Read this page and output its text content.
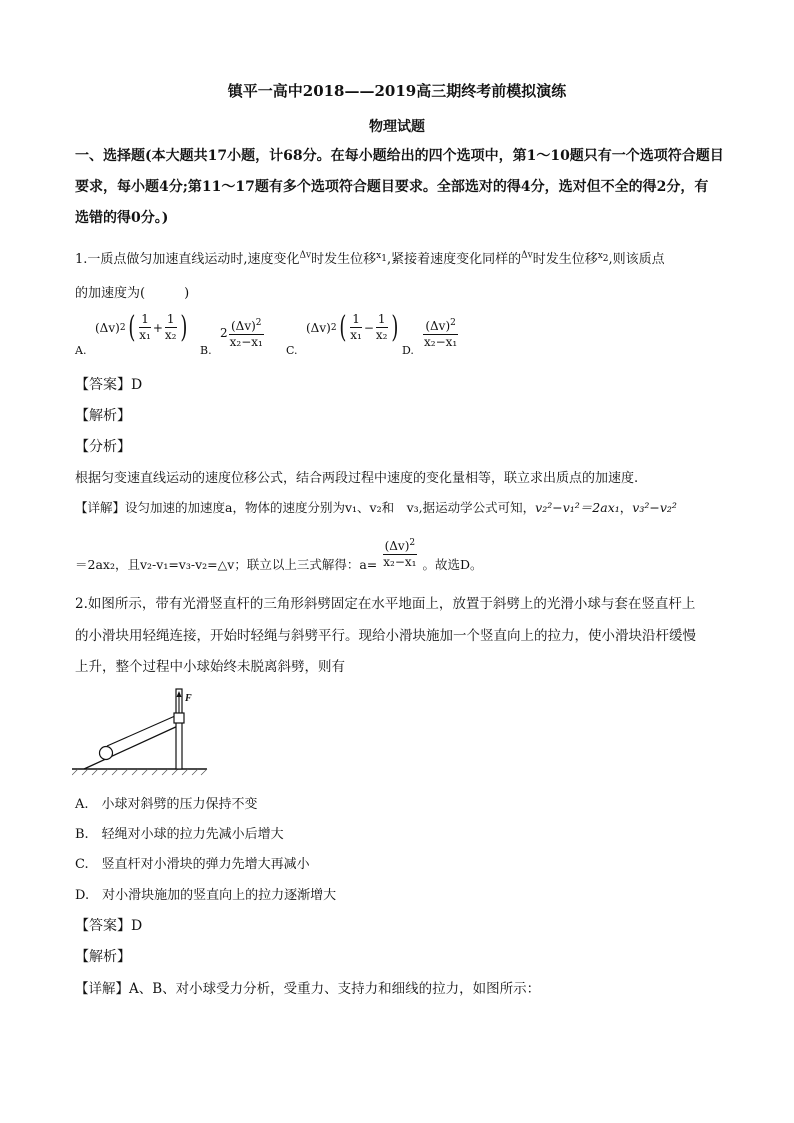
镇平一高中2018——2019高三期终考前模拟演练
物理试题
一、选择题(本大题共17小题，计68分。在每小题给出的四个选项中，第1～10题只有一个选项符合题目
要求，每小题4分;第11～17题有多个选项符合题目要求。全部选对的得4分，选对但不全的得2分，有
选错的得0分。)
1.一质点做匀加速直线运动时,速度变化$^{\Delta v}$时发生位移$^{x_1}$,紧接着速度变化同样的$^{\Delta v}$时发生位移$^{x_2}$,则该质点
的加速度为(　　　)
A.
(Δv) 2 ( $\frac{1}{\text{x₁}} + \frac{1}{\text{x₂}}$ )
B.
$2 \frac{(\Delta v)^2}{\text{x₂−x₁}}$
C.
(Δv) 2 ( $\frac{1}{\text{x₁}} - \frac{1}{\text{x₂}}$ )
D.
$\frac{(\Delta v)^2}{\text{x₂−x₁}}$
【答案】D
【解析】
【分析】
根据匀变速直线运动的速度位移公式，结合两段过程中速度的变化量相等，联立求出质点的加速度.
【详解】设匀加速的加速度a，物体的速度分别为v₁、v₂和　v₃,据运动学公式可知，v₂²−v₁²＝2ax₁，v₃²−v₂²
＝2ax₂，且v₂-v₁=v₃-v₂=△v；联立以上三式解得：$a= \frac{(\Delta v)^2}{\text{x₂−x₁}}$ 。故选D。
2.如图所示，带有光滑竖直杆的三角形斜劈固定在水平地面上，放置于斜劈上的光滑小球与套在竖直杆上
的小滑块用轻绳连接，开始时轻绳与斜劈平行。现给小滑块施加一个竖直向上的拉力，使小滑块沿杆缓慢
上升，整个过程中小球始终未脱离斜劈，则有
F
A.　小球对斜劈的压力保持不变
B.　轻绳对小球的拉力先减小后增大
C.　竖直杆对小滑块的弹力先增大再减小
D.　对小滑块施加的竖直向上的拉力逐渐增大
【答案】D
【解析】
【详解】A、B、对小球受力分析，受重力、支持力和细线的拉力，如图所示：
